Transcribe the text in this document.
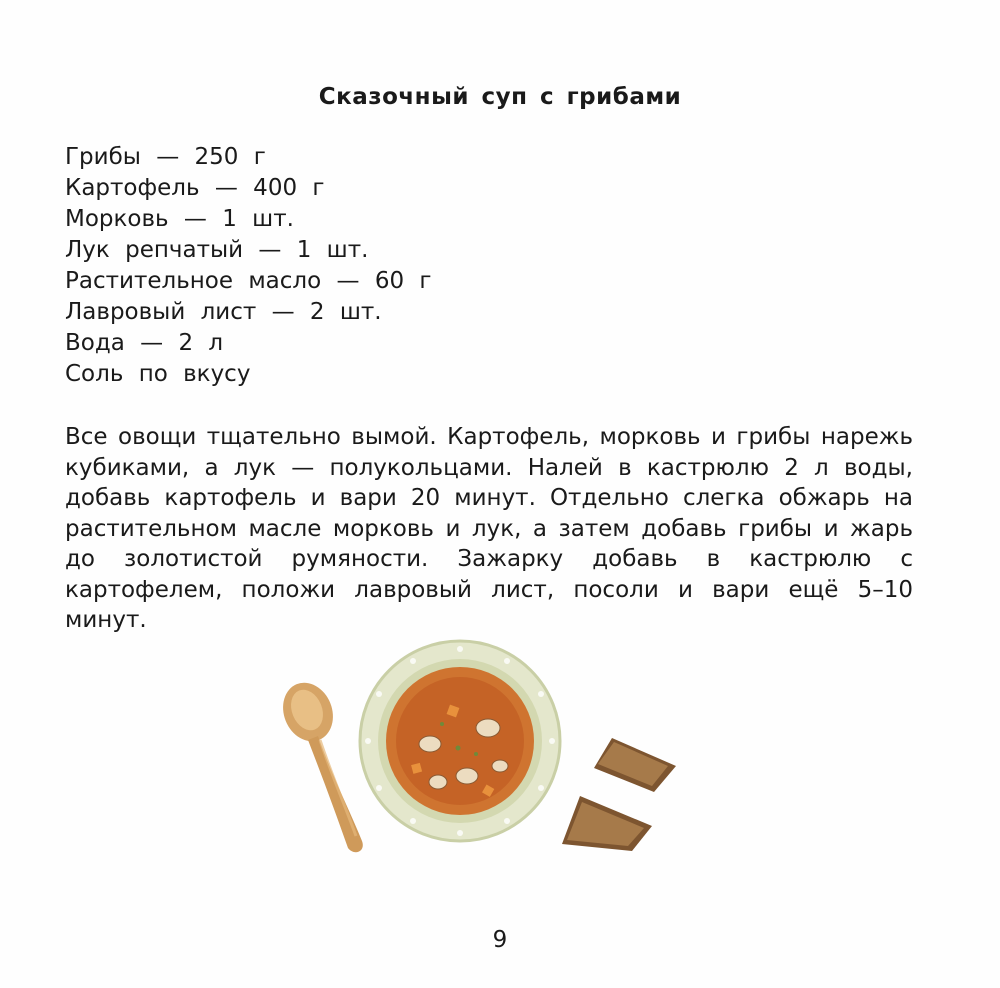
Сказочный суп с грибами
Грибы — 250 г
Картофель — 400 г
Морковь — 1 шт.
Лук репчатый — 1 шт.
Растительное масло — 60 г
Лавровый лист — 2 шт.
Вода — 2 л
Соль по вкусу

Все овощи тщательно вымой. Картофель, морковь и грибы нарежь кубиками, а лук — полукольцами. Налей в кастрюлю 2 л воды, добавь картофель и вари 20 минут. Отдельно слегка обжарь на растительном масле морковь и лук, а затем добавь грибы и жарь до золотистой румяности. Зажарку добавь в кастрюлю с картофелем, положи лавровый лист, посоли и вари ещё 5–10 минут.

9
